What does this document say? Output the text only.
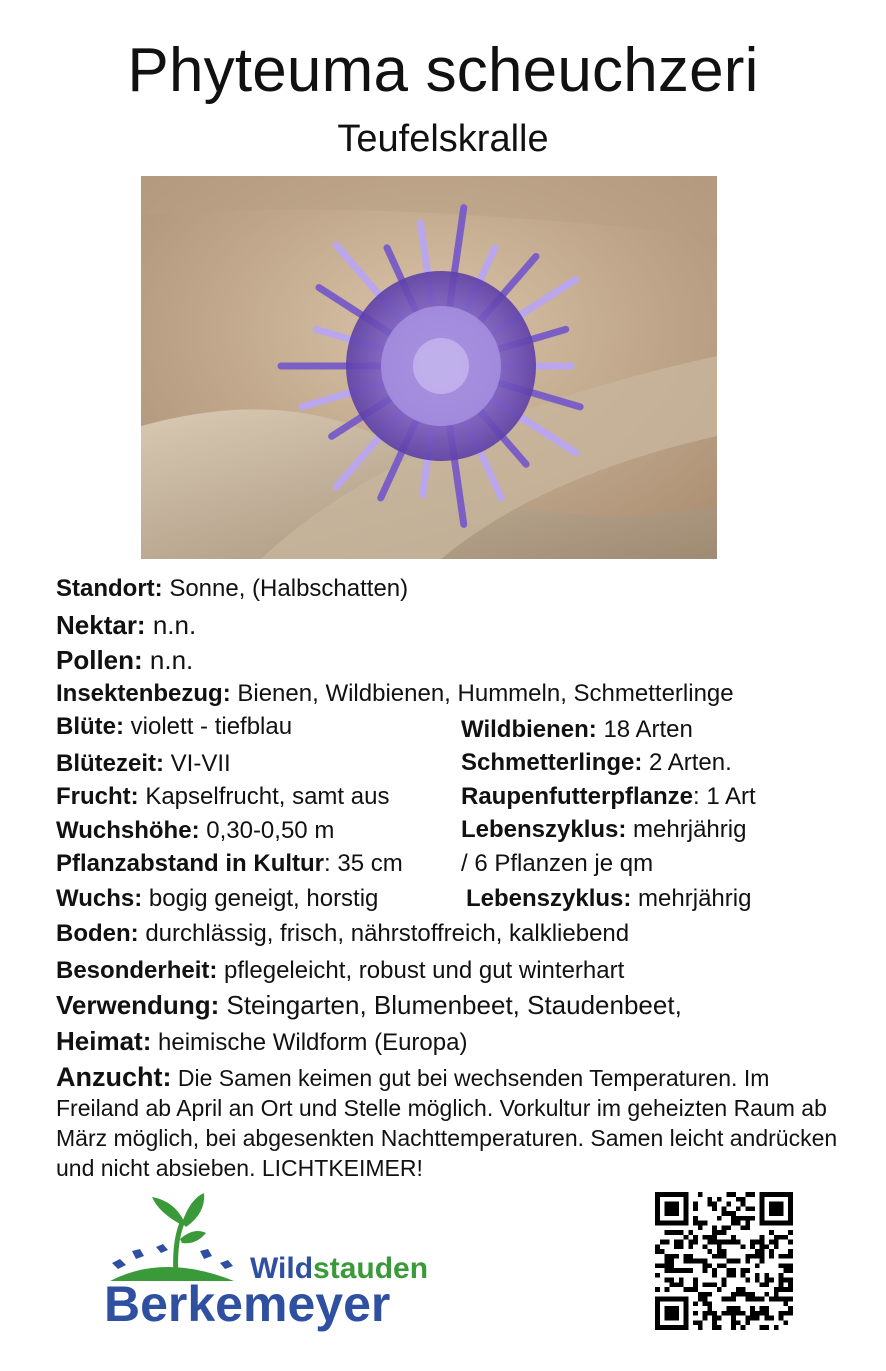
Phyteuma scheuchzeri
Teufelskralle
Standort: Sonne, (Halbschatten)
Nektar: n.n.
Pollen: n.n.
Insektenbezug: Bienen, Wildbienen, Hummeln, Schmetterlinge
Blüte: violett - tiefblau
Blütezeit: VI-VII
Frucht: Kapselfrucht, samt aus
Wuchshöhe: 0,30-0,50 m
Pflanzabstand in Kultur: 35 cm
Wuchs: bogig geneigt, horstig
Wildbienen: 18 Arten
Schmetterlinge: 2 Arten.
Raupenfutterpflanze: 1 Art
Lebenszyklus: mehrjährig
/ 6 Pflanzen je qm
Lebenszyklus: mehrjährig
Boden: durchlässig, frisch, nährstoffreich, kalkliebend
Besonderheit: pflegeleicht, robust und gut winterhart
Verwendung: Steingarten, Blumenbeet, Staudenbeet,
Heimat: heimische Wildform (Europa)
Anzucht: Die Samen keimen gut bei wechsenden Temperaturen. Im Freiland ab April an Ort und Stelle möglich. Vorkultur im geheizten Raum ab März möglich, bei abgesenkten Nachttemperaturen. Samen leicht andrücken und nicht absieben. LICHTKEIMER!
Wildstauden
Berkemeyer
